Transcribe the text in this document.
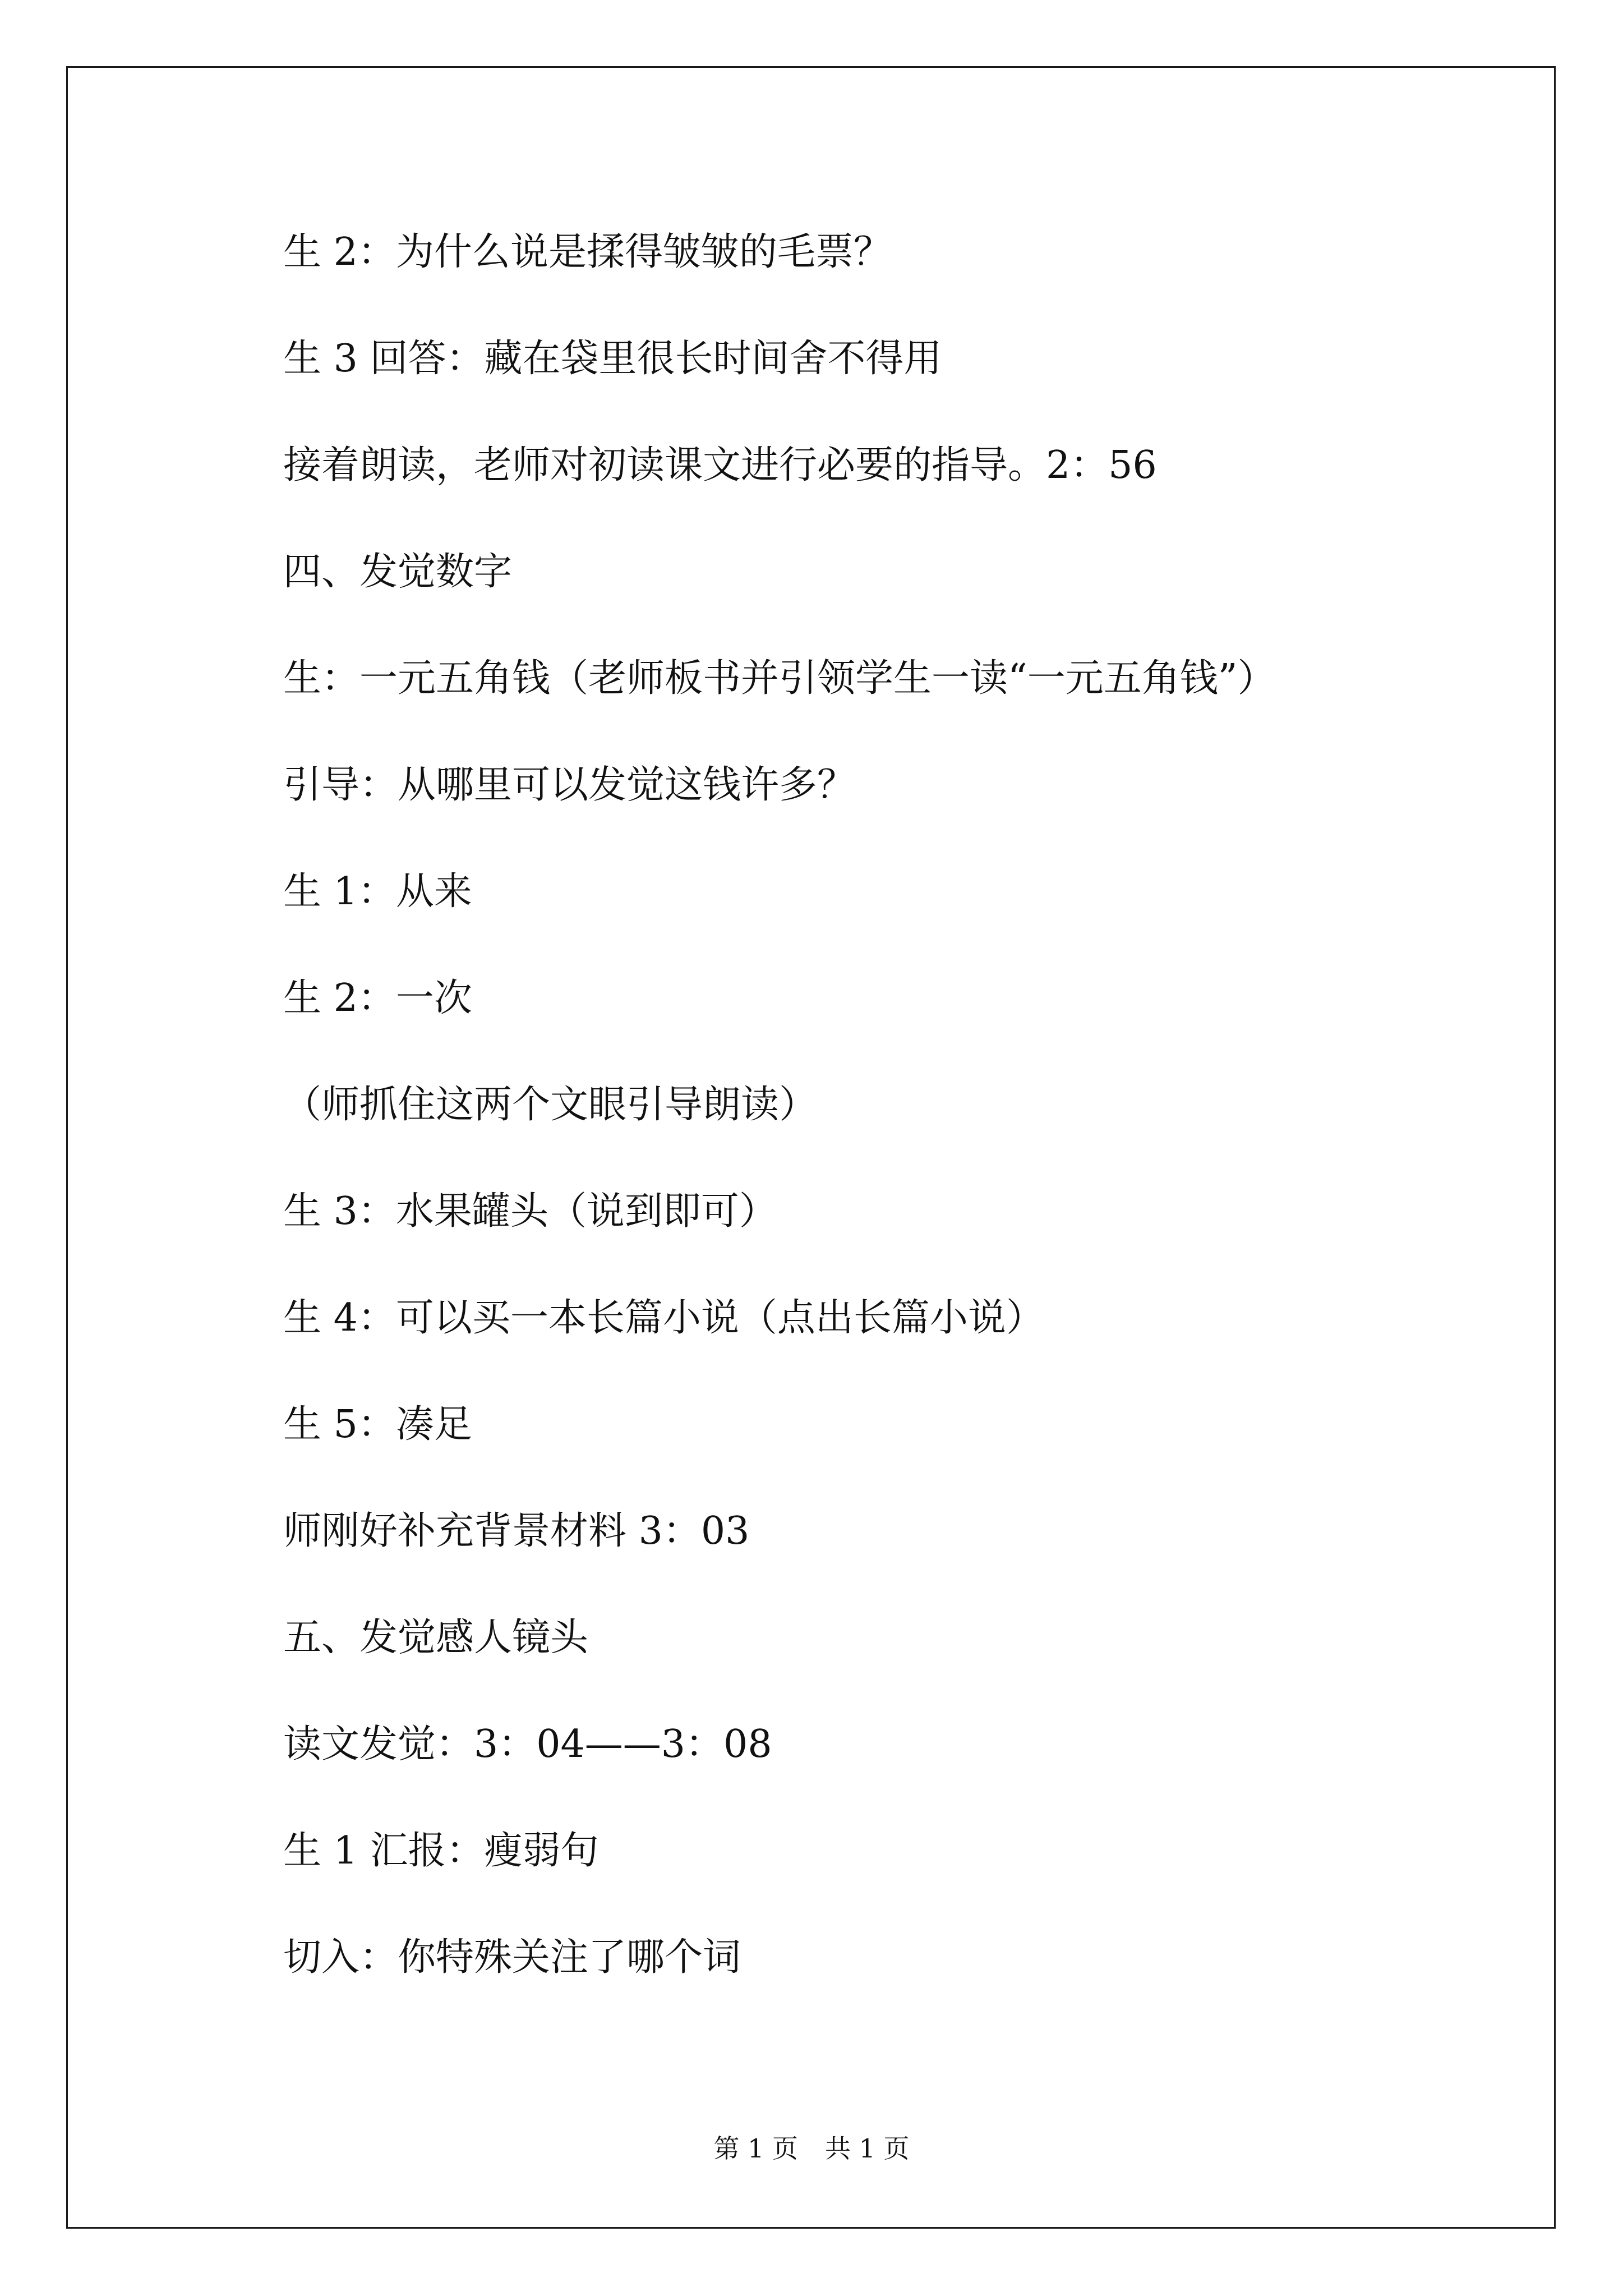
生 2：为什么说是揉得皱皱的毛票？
生 3 回答：藏在袋里很长时间舍不得用
接着朗读，老师对初读课文进行必要的指导。2：56
四、发觉数字
生：一元五角钱（老师板书并引领学生一读“一元五角钱”）
引导：从哪里可以发觉这钱许多？
生 1：从来
生 2：一次
（师抓住这两个文眼引导朗读）
生 3：水果罐头（说到即可）
生 4：可以买一本长篇小说（点出长篇小说）
生 5：凑足
师刚好补充背景材料 3：03
五、发觉感人镜头
读文发觉：3：04——3：08
生 1 汇报：瘦弱句
切入：你特殊关注了哪个词
第 1 页 共 1 页
